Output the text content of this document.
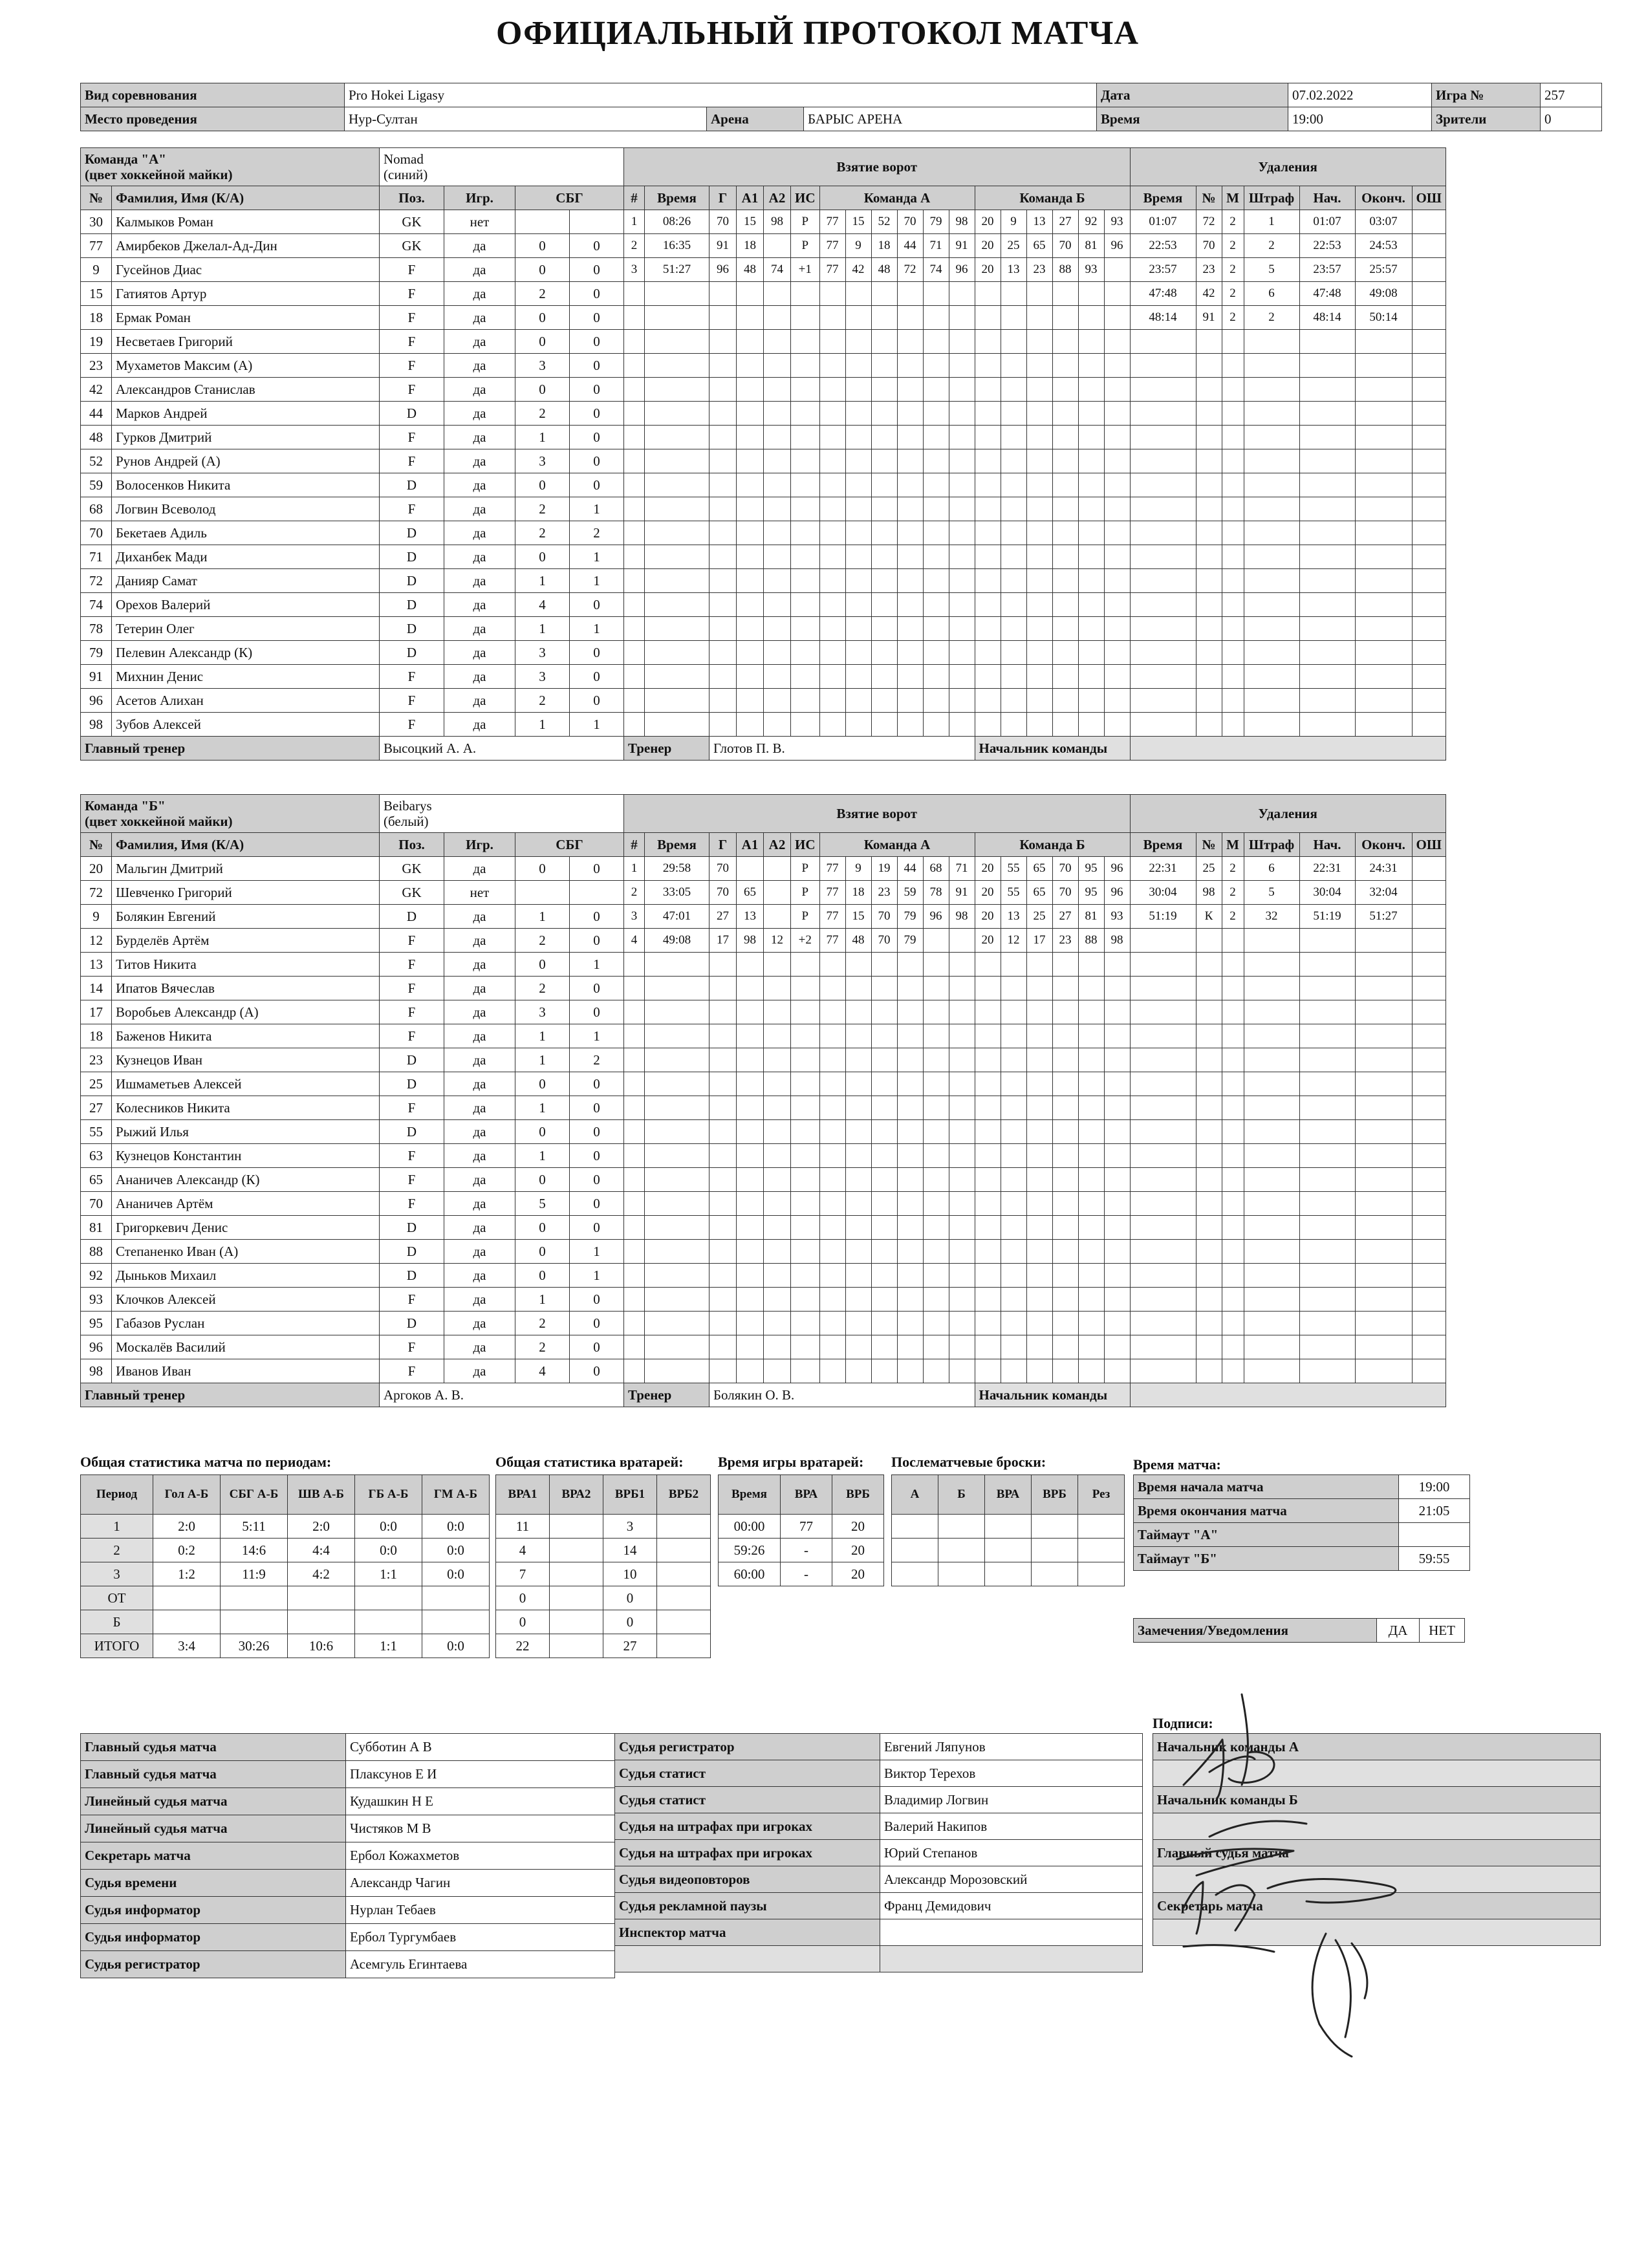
ОФИЦИАЛЬНЫЙ ПРОТОКОЛ МАТЧА
Вид соревнования	Pro Hokei Ligasy			Дата	07.02.2022	Игра №	257
Место проведения	Нур-Султан	Арена	БАРЫС АРЕНА	Время	19:00	Зрители	0
Команда "А"
(цвет хоккейной майки)		Nomad
(синий)				Взятие ворот																		Удаления						
№	Фамилия, Имя (К/А)	Поз.	Игр.	СБГ		#	Время	Г	А1	А2	ИС	Команда А						Команда Б						Время	№	М	Штраф	Нач.	Оконч.	ОШ
30	Калмыков Роман	GK	нет			1	08:26	70	15	98	P	77	15	52	70	79	98	20	9	13	27	92	93	01:07	72	2	1	01:07	03:07	
77	Амирбеков Джелал-Ад-Дин	GK	да	0	0	2	16:35	91	18		P	77	9	18	44	71	91	20	25	65	70	81	96	22:53	70	2	2	22:53	24:53	
9	Гусейнов Диас	F	да	0	0	3	51:27	96	48	74	+1	77	42	48	72	74	96	20	13	23	88	93		23:57	23	2	5	23:57	25:57	
15	Гатиятов Артур	F	да	2	0																			47:48	42	2	6	47:48	49:08	
18	Ермак Роман	F	да	0	0																			48:14	91	2	2	48:14	50:14	
19	Несветаев Григорий	F	да	0	0																									
23	Мухаметов Максим (А)	F	да	3	0																									
42	Александров Станислав	F	да	0	0																									
44	Марков Андрей	D	да	2	0																									
48	Гурков Дмитрий	F	да	1	0																									
52	Рунов Андрей (А)	F	да	3	0																									
59	Волосенков Никита	D	да	0	0																									
68	Логвин Всеволод	F	да	2	1																									
70	Бекетаев Адиль	D	да	2	2																									
71	Диханбек Мади	D	да	0	1																									
72	Данияр Самат	D	да	1	1																									
74	Орехов Валерий	D	да	4	0																									
78	Тетерин Олег	D	да	1	1																									
79	Пелевин Александр (К)	D	да	3	0																									
91	Михнин Денис	F	да	3	0																									
96	Асетов Алихан	F	да	2	0																									
98	Зубов Алексей	F	да	1	1																									
Главный тренер		Высоцкий А. А.				Тренер		Глотов П. В.										Начальник команды												
Команда "Б"
(цвет хоккейной майки)		Beibarys
(белый)				Взятие ворот																		Удаления						
№	Фамилия, Имя (К/А)	Поз.	Игр.	СБГ		#	Время	Г	А1	А2	ИС	Команда А						Команда Б						Время	№	М	Штраф	Нач.	Оконч.	ОШ
20	Мальгин Дмитрий	GK	да	0	0	1	29:58	70			P	77	9	19	44	68	71	20	55	65	70	95	96	22:31	25	2	6	22:31	24:31	
72	Шевченко Григорий	GK	нет			2	33:05	70	65		P	77	18	23	59	78	91	20	55	65	70	95	96	30:04	98	2	5	30:04	32:04	
9	Болякин Евгений	D	да	1	0	3	47:01	27	13		P	77	15	70	79	96	98	20	13	25	27	81	93	51:19	К	2	32	51:19	51:27	
12	Бурделёв Артём	F	да	2	0	4	49:08	17	98	12	+2	77	48	70	79			20	12	17	23	88	98							
13	Титов Никита	F	да	0	1																									
14	Ипатов Вячеслав	F	да	2	0																									
17	Воробьев Александр (А)	F	да	3	0																									
18	Баженов Никита	F	да	1	1																									
23	Кузнецов Иван	D	да	1	2																									
25	Ишмаметьев Алексей	D	да	0	0																									
27	Колесников Никита	F	да	1	0																									
55	Рыжий Илья	D	да	0	0																									
63	Кузнецов Константин	F	да	1	0																									
65	Ананичев Александр (К)	F	да	0	0																									
70	Ананичев Артём	F	да	5	0																									
81	Григоркевич Денис	D	да	0	0																									
88	Степаненко Иван (А)	D	да	0	1																									
92	Дыньков Михаил	D	да	0	1																									
93	Клочков Алексей	F	да	1	0																									
95	Габазов Руслан	D	да	2	0																									
96	Москалёв Василий	F	да	2	0																									
98	Иванов Иван	F	да	4	0																									
Главный тренер		Аргоков А. В.				Тренер		Болякин О. В.										Начальник команды												
Общая статистика матча по периодам:
Период	Гол А-Б	СБГ А-Б	ШВ А-Б	ГБ А-Б	ГМ А-Б
1	2:0	5:11	2:0	0:0	0:0
2	0:2	14:6	4:4	0:0	0:0
3	1:2	11:9	4:2	1:1	0:0
ОТ					
Б					
ИТОГО	3:4	30:26	10:6	1:1	0:0
Общая статистика вратарей:
ВРА1	ВРА2	ВРБ1	ВРБ2
11		3	
4		14	
7		10	
0		0	
0		0	
22		27	
Время игры вратарей:
Время	ВРА	ВРБ
00:00	77	20
59:26	-	20
60:00	-	20
Послематчевые броски:
А	Б	ВРА	ВРБ	Рез

Время матча:
Время начала матча	19:00
Время окончания матча	21:05
Таймаут "А"	
Таймаут "Б"	59:55
Замечения/Уведомления	ДА	НЕТ
Главный судья матча	Субботин А В
Главный судья матча	Плаксунов Е И
Линейный судья матча	Кудашкин Н Е
Линейный судья матча	Чистяков М В
Секретарь матча	Ербол Кожахметов
Судья времени	Александр Чагин
Судья информатор	Нурлан Тебаев
Судья информатор	Ербол Тургумбаев
Судья регистратор	Асемгуль Егинтаева
Судья регистратор	Евгений Ляпунов
Судья статист	Виктор Терехов
Судья статист	Владимир Логвин
Судья на штрафах при игроках	Валерий Накипов
Судья на штрафах при игроках	Юрий Степанов
Судья видеоповторов	Александр Морозовский
Судья рекламной паузы	Франц Демидович
Инспектор матча	

Подписи:
Начальник команды А

Начальник команды Б

Главный судья матча

Секретарь матча
